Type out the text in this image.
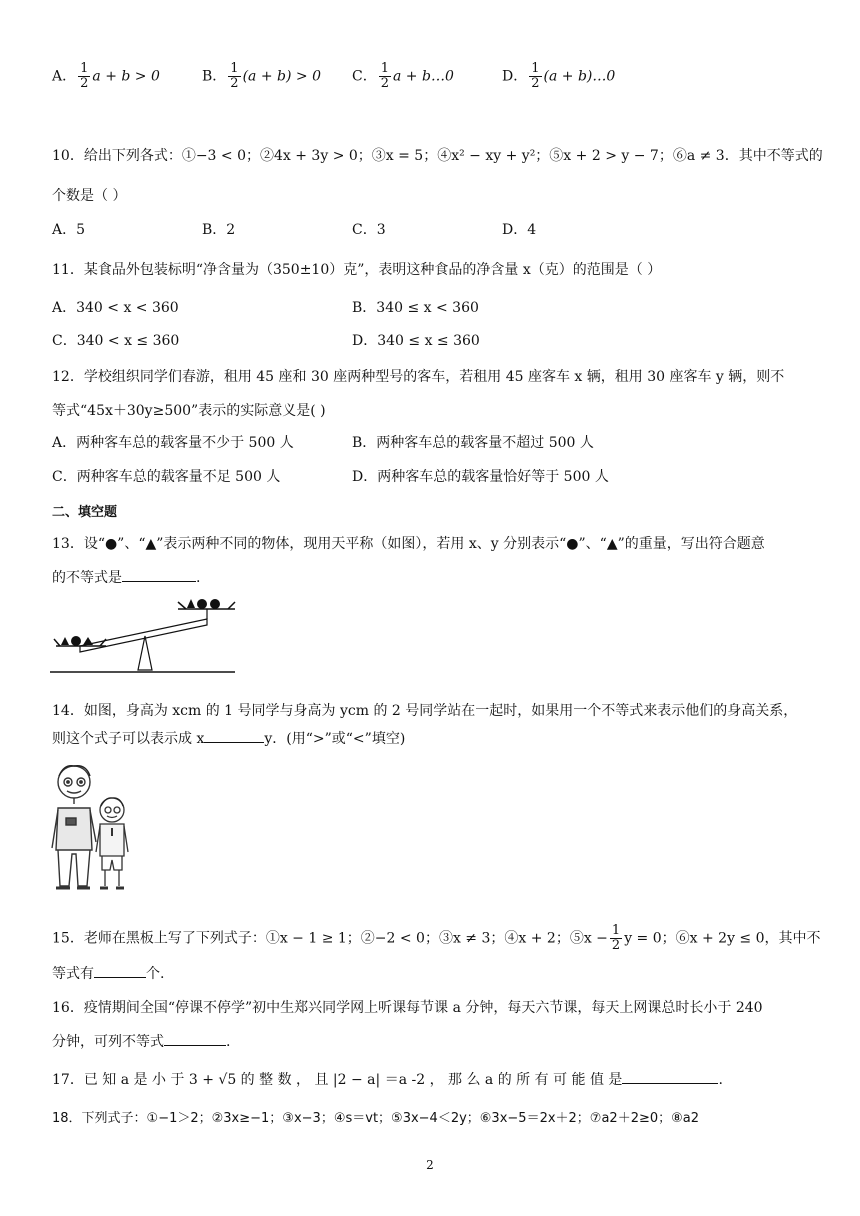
A． $\frac{1}{2}$ a + b > 0	B． $\frac{1}{2} (a + b) > 0$ C． $\frac{1}{2}$ a + b…0	D． $\frac{1}{2} (a$ + b)…0
10．给出下列各式：①−3 < 0；②4x + 3y > 0；③x = 5；④x² − xy + y²；⑤x + 2 > y − 7；⑥a ≠ 3．其中不等式的
个数是（ ）
A．5	B．2	C．3	D．4
11．某食品外包装标明“净含量为（350±10）克”，表明这种食品的净含量 x（克）的范围是（ ）
A．340 < x < 360	B．340 ≤ x < 360
C．340 < x ≤ 360	D．340 ≤ x ≤ 360
12．学校组织同学们春游，租用 45 座和 30 座两种型号的客车，若租用 45 座客车 x 辆，租用 30 座客车 y 辆，则不
等式“45x＋30y≥500”表示的实际意义是( )
A．两种客车总的载客量不少于 500 人	B．两种客车总的载客量不超过 500 人
C．两种客车总的载客量不足 500 人	D．两种客车总的载客量恰好等于 500 人
二、填空题
13．设“●”、“▲”表示两种不同的物体，现用天平称（如图），若用 x、y 分别表示“●”、“▲”的重量，写出符合题意
的不等式是	.
14．如图，身高为 xcm 的 1 号同学与身高为 ycm 的 2 号同学站在一起时，如果用一个不等式来表示他们的身高关系，
则这个式子可以表示成 x	y．(用“>”或“<”填空)
15．老师在黑板上写了下列式子：①x − 1 ≥ 1；②−2 < 0；③x ≠ 3；④x + 2；⑤x − $\frac{1}{2}$ y = 0；⑥x + 2y ≤ 0，其中不
等式有	个.
16．疫情期间全国“停课不停学”初中生郑兴同学网上听课每节课 a 分钟，每天六节课，每天上网课总时长小于 240
分钟，可列不等式	.
17．已 知 a 是 小 于 3 + √5 的 整 数 ， 且 |2 − a| ＝a -2 ， 那 么 a 的 所 有 可 能 值 是	.
18．下列式子：①−1＞2；②3x≥−1；③x−3；④s＝vt；⑤3x−4＜2y；⑥3x−5＝2x＋2；⑦a2＋2≥0；⑧a2
2
